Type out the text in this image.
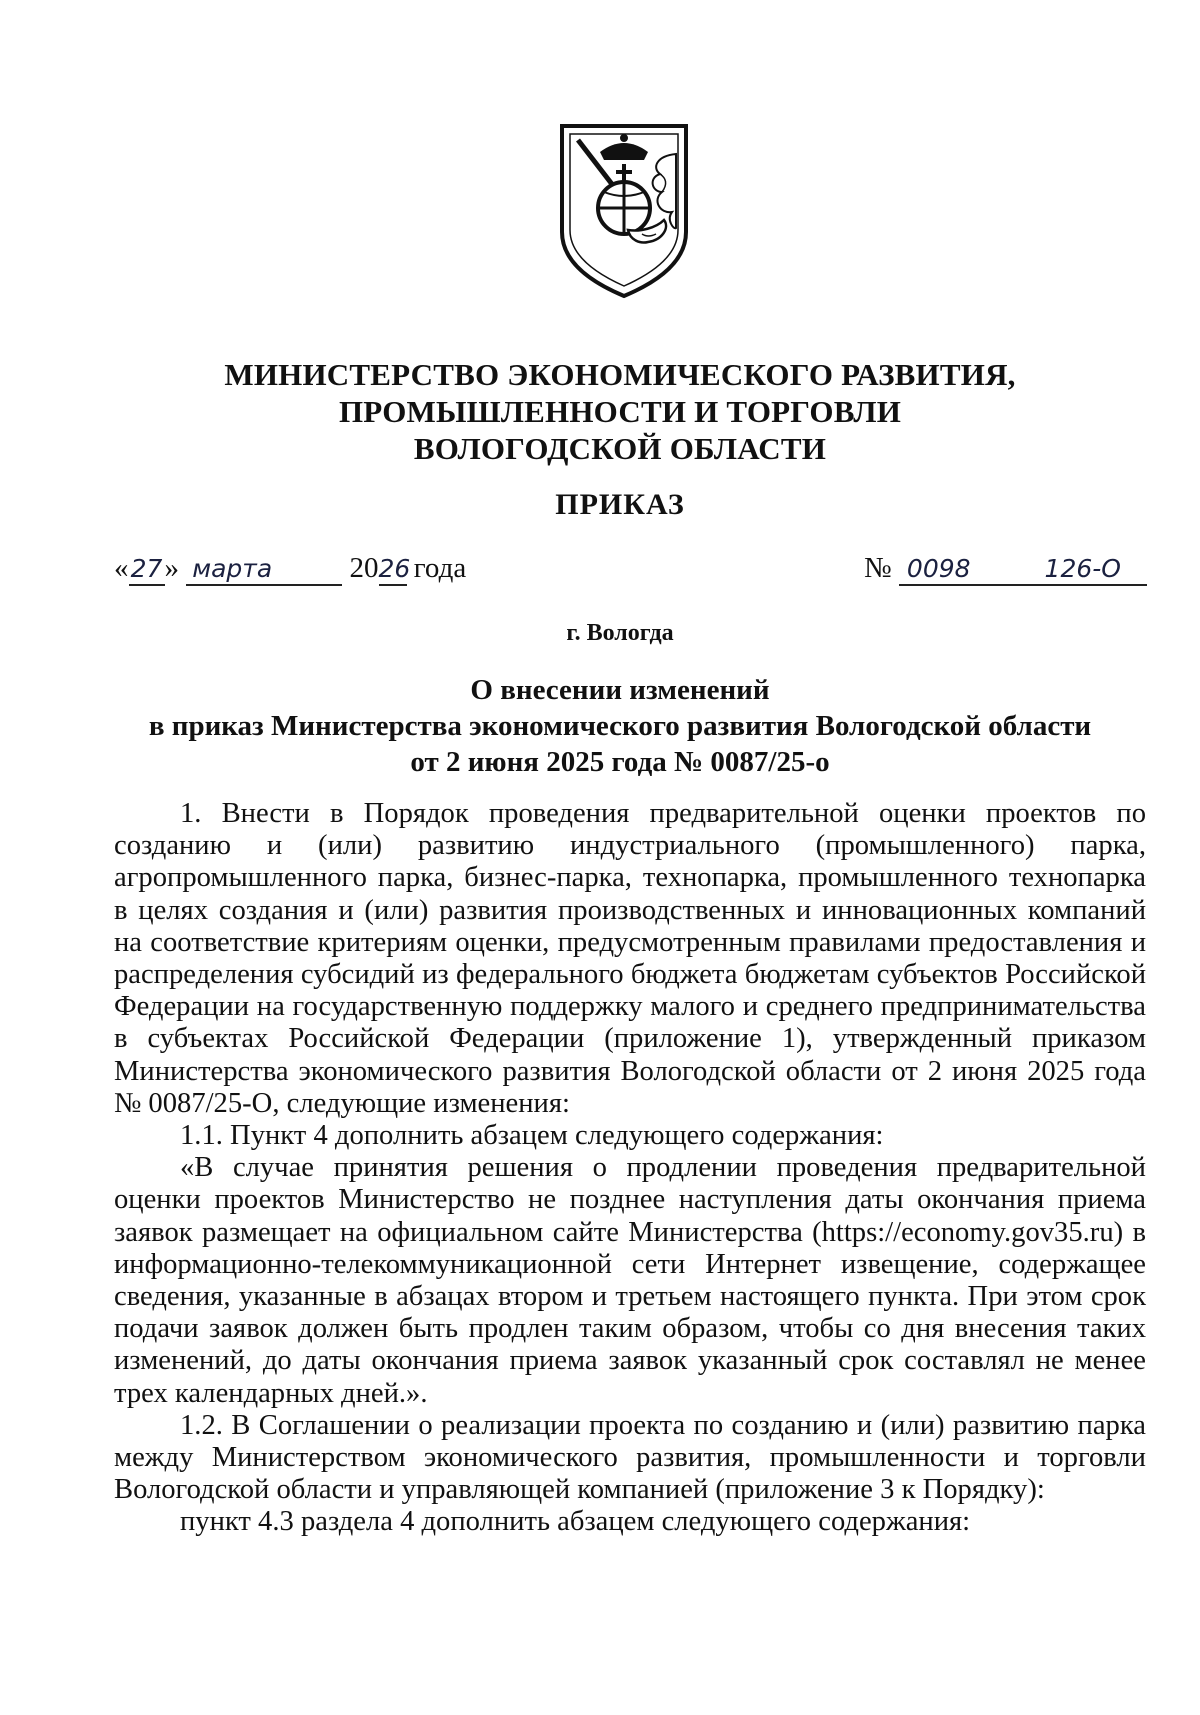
МИНИСТЕРСТВО ЭКОНОМИЧЕСКОГО РАЗВИТИЯ,
ПРОМЫШЛЕННОСТИ И ТОРГОВЛИ
ВОЛОГОДСКОЙ ОБЛАСТИ
ПРИКАЗ
«27» марта	2026 года	№ 0098	126-О
г. Вологда
О внесении изменений
в приказ Министерства экономического развития Вологодской области
от 2 июня 2025 года № 0087/25-о

1. Внести в Порядок проведения предварительной оценки проектов по созданию и (или) развитию индустриального (промышленного) парка, агропромышленного парка, бизнес-парка, технопарка, промышленного технопарка в целях создания и (или) развития производственных и инновационных компаний на соответствие критериям оценки, предусмотренным правилами предоставления и распределения субсидий из федерального бюджета бюджетам субъектов Российской Федерации на государственную поддержку малого и среднего предпринимательства в субъектах Российской Федерации (приложение 1), утвержденный приказом Министерства экономического развития Вологодской области от 2 июня 2025 года № 0087/25-О, следующие изменения:

1.1. Пункт 4 дополнить абзацем следующего содержания:

«В случае принятия решения о продлении проведения предварительной оценки проектов Министерство не позднее наступления даты окончания приема заявок размещает на официальном сайте Министерства (https://economy.gov35.ru) в информационно-телекоммуникационной сети Интернет извещение, содержащее сведения, указанные в абзацах втором и третьем настоящего пункта. При этом срок подачи заявок должен быть продлен таким образом, чтобы со дня внесения таких изменений, до даты окончания приема заявок указанный срок составлял не менее трех календарных дней.».

1.2. В Соглашении о реализации проекта по созданию и (или) развитию парка между Министерством экономического развития, промышленности и торговли Вологодской области и управляющей компанией (приложение 3 к Порядку):

пункт 4.3 раздела 4 дополнить абзацем следующего содержания:
